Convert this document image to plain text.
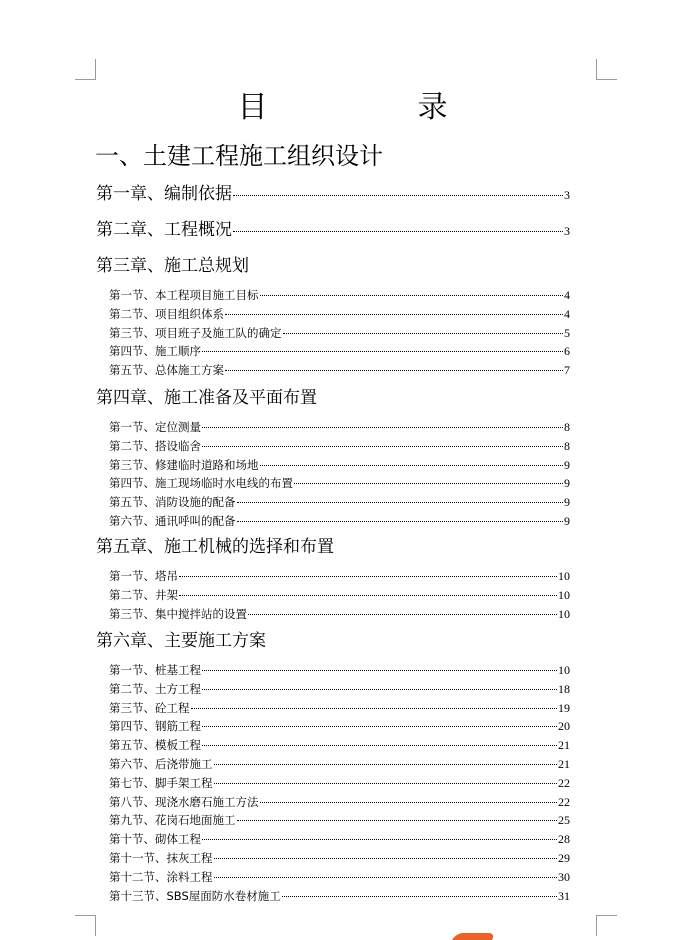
目	录
一、土建工程施工组织设计
第一章、编制依据	3
第二章、工程概况	3
第三章、施工总规划
第一节、本工程项目施工目标	4
第二节、项目组织体系	4
第三节、项目班子及施工队的确定	5
第四节、施工顺序	6
第五节、总体施工方案	7
第四章、施工准备及平面布置
第一节、定位测量	8
第二节、搭设临舍	8
第三节、修建临时道路和场地	9
第四节、施工现场临时水电线的布置	9
第五节、消防设施的配备	9
第六节、通讯呼叫的配备	9
第五章、施工机械的选择和布置
第一节、塔吊	10
第二节、井架	10
第三节、集中搅拌站的设置	10
第六章、主要施工方案
第一节、桩基工程	10
第二节、土方工程	18
第三节、砼工程	19
第四节、钢筋工程	20
第五节、模板工程	21
第六节、后浇带施工	21
第七节、脚手架工程	22
第八节、现浇水磨石施工方法	22
第九节、花岗石地面施工	25
第十节、砌体工程	28
第十一节、抹灰工程	29
第十二节、涂料工程	30
第十三节、SBS屋面防水卷材施工	31
